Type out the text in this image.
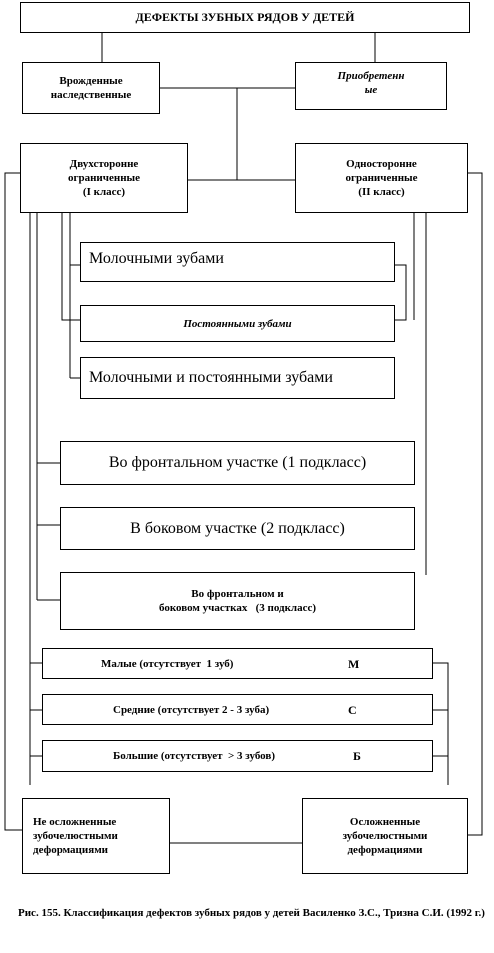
ДЕФЕКТЫ ЗУБНЫХ РЯДОВ У ДЕТЕЙ
Врожденные
наследственные
Приобретенн
ые
Двухсторонне
ограниченные
(I класс)
Односторонне
ограниченные
(II класс)
Молочными зубами
Постоянными зубами
Молочными и постоянными зубами
Во фронтальном участке (1 подкласс)
В боковом участке (2 подкласс)
Во фронтальном и
боковом участках   (3 подкласс)
Малые (отсутствует  1 зуб)	М
Средние (отсутствует 2 - 3 зуба)	С
Большие (отсутствует  > 3 зубов)	Б
Не осложненные
зубочелюстными
деформациями
Осложненные
зубочелюстными
деформациями
Рис. 155. Классификация дефектов зубных рядов у детей Василенко З.С., Тризна С.И. (1992 г.)
